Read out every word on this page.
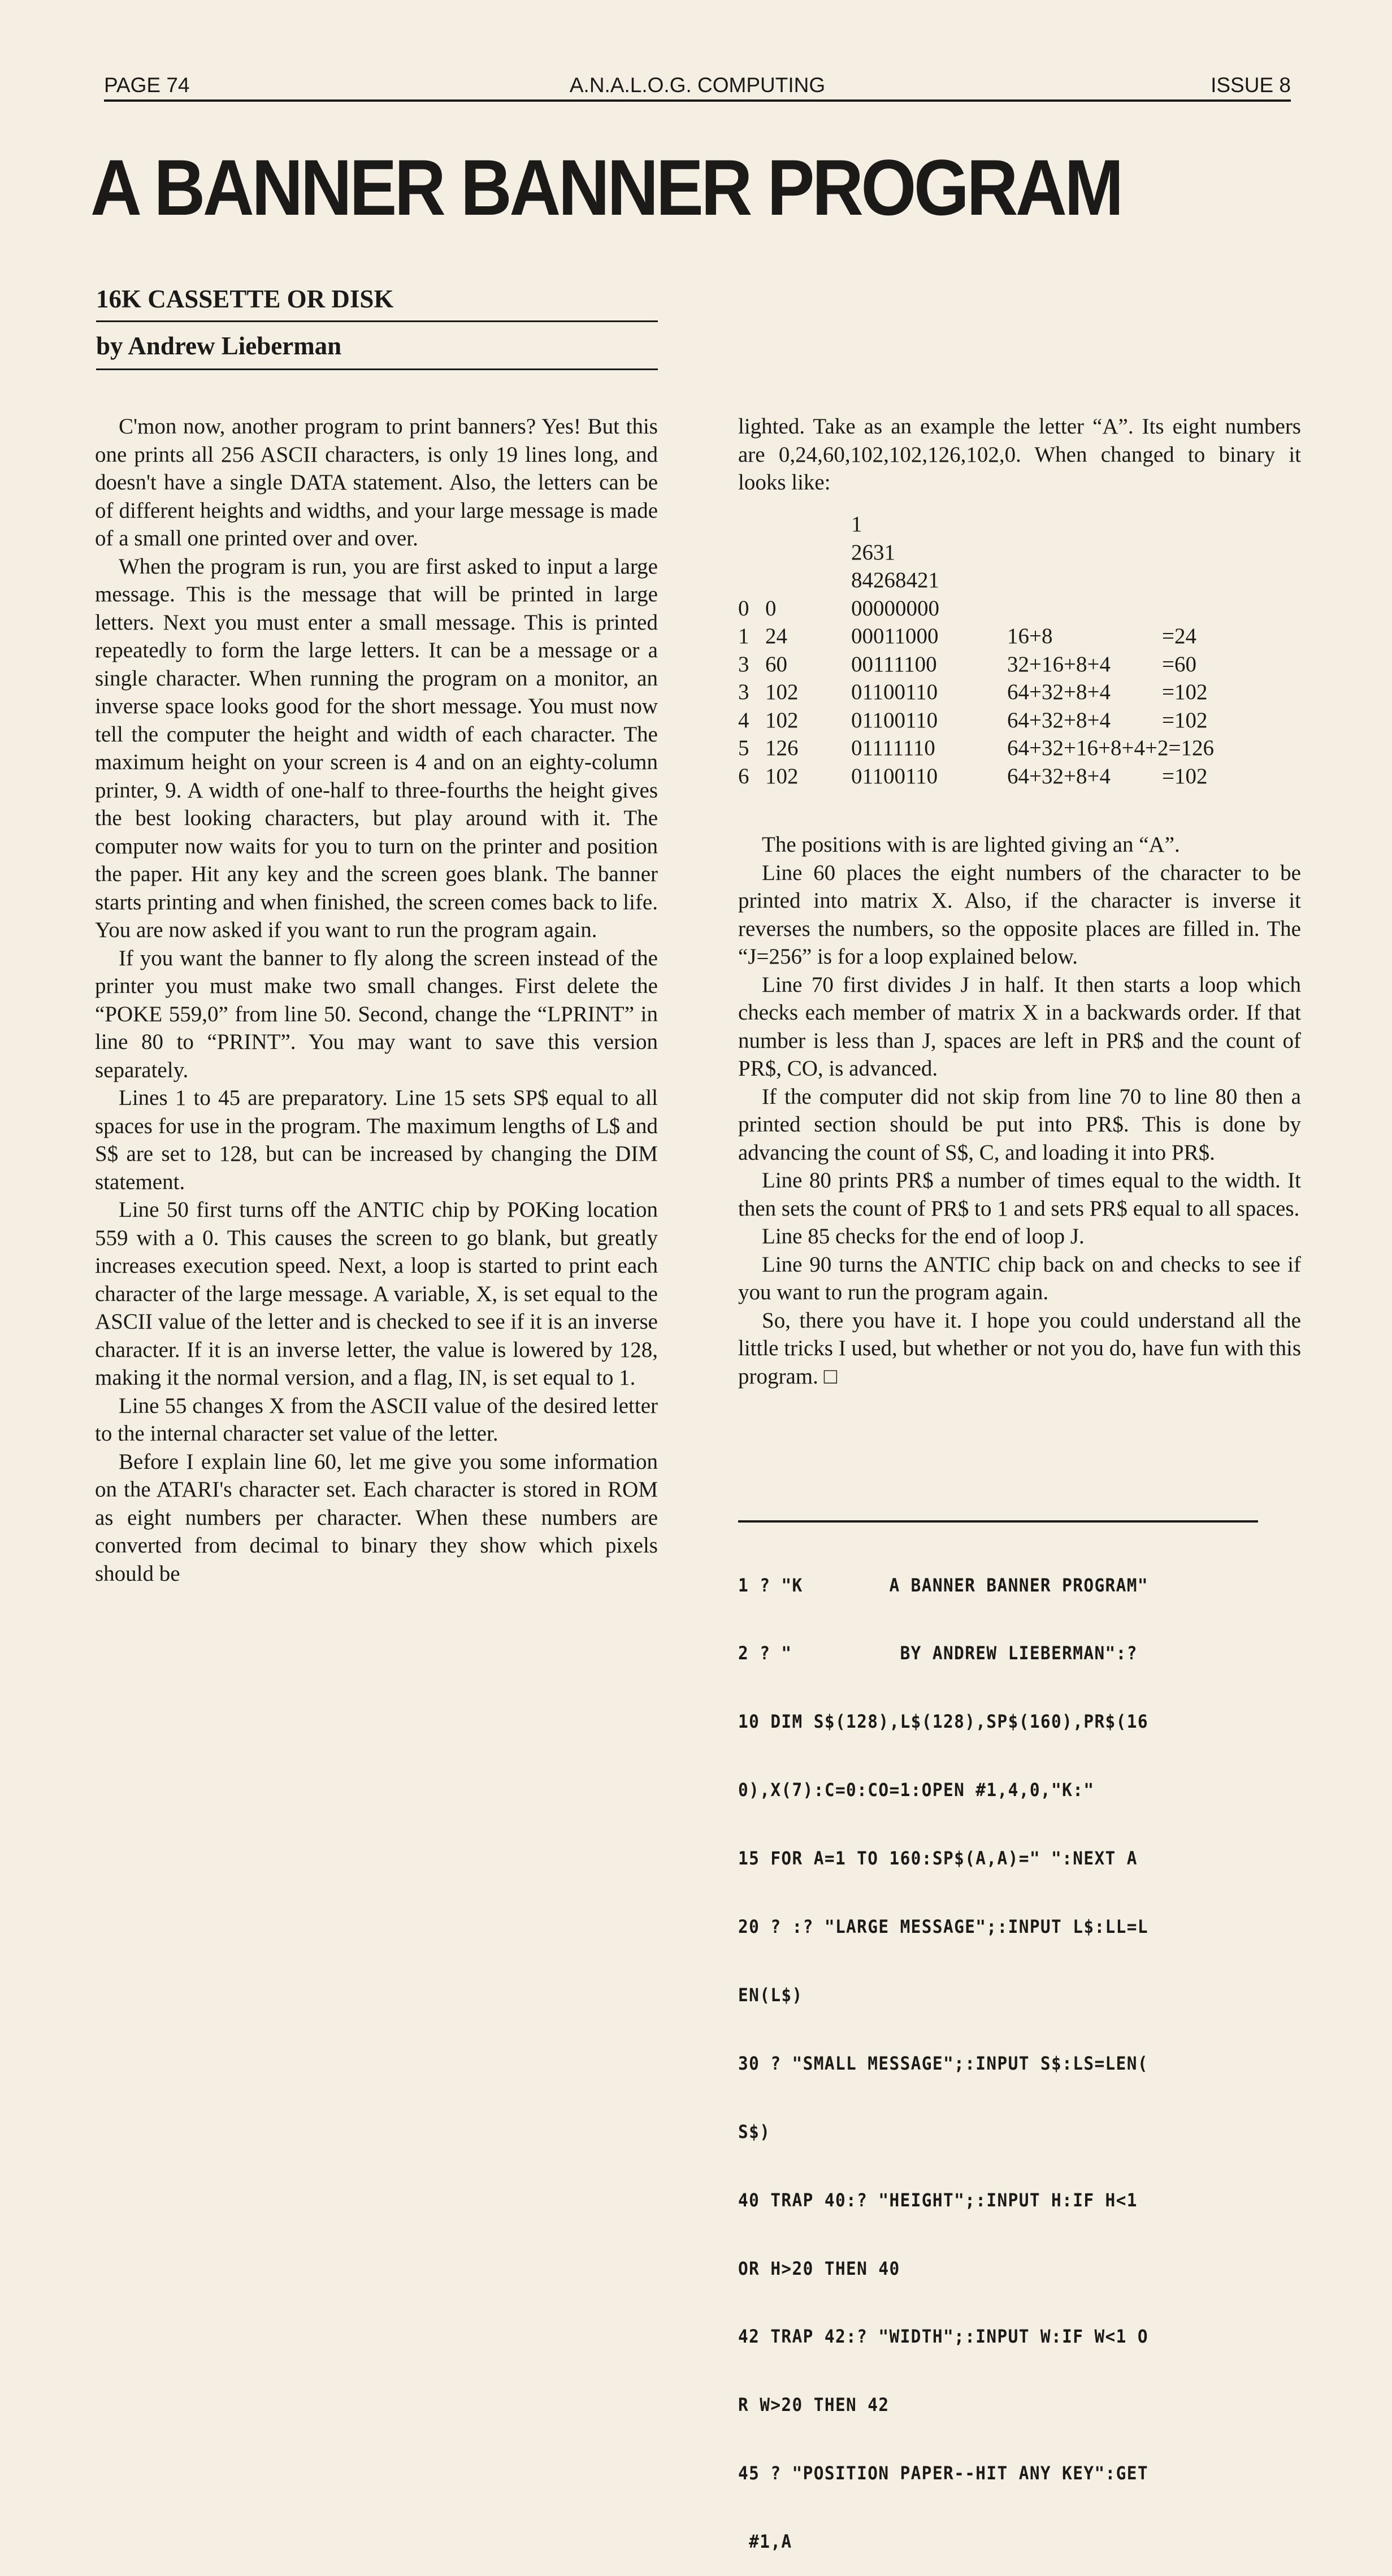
PAGE 74	A.N.A.L.O.G. COMPUTING	ISSUE 8
A BANNER BANNER PROGRAM
16K CASSETTE OR DISK
by Andrew Lieberman

C'mon now, another program to print banners? Yes! But this one prints all 256 ASCII characters, is only 19 lines long, and doesn't have a single DATA statement. Also, the letters can be of different heights and widths, and your large message is made of a small one printed over and over.

When the program is run, you are first asked to input a large message. This is the message that will be printed in large letters. Next you must enter a small message. This is printed repeatedly to form the large letters. It can be a message or a single character. When running the program on a monitor, an inverse space looks good for the short message. You must now tell the computer the height and width of each character. The maximum height on your screen is 4 and on an eighty-column printer, 9. A width of one-half to three-fourths the height gives the best looking characters, but play around with it. The computer now waits for you to turn on the printer and position the paper. Hit any key and the screen goes blank. The banner starts printing and when finished, the screen comes back to life. You are now asked if you want to run the program again.

If you want the banner to fly along the screen instead of the printer you must make two small changes. First delete the “POKE 559,0” from line 50. Second, change the “LPRINT” in line 80 to “PRINT”. You may want to save this version separately.

Lines 1 to 45 are preparatory. Line 15 sets SP$ equal to all spaces for use in the program. The maximum lengths of L$ and S$ are set to 128, but can be increased by changing the DIM statement.

Line 50 first turns off the ANTIC chip by POKing location 559 with a 0. This causes the screen to go blank, but greatly increases execution speed. Next, a loop is started to print each character of the large message. A variable, X, is set equal to the ASCII value of the letter and is checked to see if it is an inverse character. If it is an inverse letter, the value is lowered by 128, making it the normal version, and a flag, IN, is set equal to 1.

Line 55 changes X from the ASCII value of the desired letter to the internal character set value of the letter.

Before I explain line 60, let me give you some information on the ATARI's character set. Each character is stored in ROM as eight numbers per character. When these numbers are converted from decimal to binary they show which pixels should be

lighted. Take as an example the letter “A”. Its eight numbers are 0,24,60,102,102,126,102,0. When changed to binary it looks like:

1
2631
84268421
0 0	00000000
1 24	00011000	16+8	=24
3 60	00111100	32+16+8+4 =60
3 102 01100110	64+32+8+4 =102
4 102 01100110	64+32+8+4 =102
5 126 01111110	64+32+16+8+4+2=126
6 102 01100110	64+32+8+4 =102

The positions with is are lighted giving an “A”.

Line 60 places the eight numbers of the character to be printed into matrix X. Also, if the character is inverse it reverses the numbers, so the opposite places are filled in. The “J=256” is for a loop explained below.

Line 70 first divides J in half. It then starts a loop which checks each member of matrix X in a backwards order. If that number is less than J, spaces are left in PR$ and the count of PR$, CO, is advanced.

If the computer did not skip from line 70 to line 80 then a printed section should be put into PR$. This is done by advancing the count of S$, C, and loading it into PR$.

Line 80 prints PR$ a number of times equal to the width. It then sets the count of PR$ to 1 and sets PR$ equal to all spaces.

Line 85 checks for the end of loop J.

Line 90 turns the ANTIC chip back on and checks to see if you want to run the program again.

So, there you have it. I hope you could understand all the little tricks I used, but whether or not you do, have fun with this program. □

1 ? "K        A BANNER BANNER PROGRAM"

2 ? "          BY ANDREW LIEBERMAN":?

10 DIM S$(128),L$(128),SP$(160),PR$(16

0),X(7):C=0:CO=1:OPEN #1,4,0,"K:"

15 FOR A=1 TO 160:SP$(A,A)=" ":NEXT A

20 ? :? "LARGE MESSAGE";:INPUT L$:LL=L

EN(L$)

30 ? "SMALL MESSAGE";:INPUT S$:LS=LEN(

S$)

40 TRAP 40:? "HEIGHT";:INPUT H:IF H<1

OR H>20 THEN 40

42 TRAP 42:? "WIDTH";:INPUT W:IF W<1 O

R W>20 THEN 42

45 ? "POSITION PAPER--HIT ANY KEY":GET

#1,A
